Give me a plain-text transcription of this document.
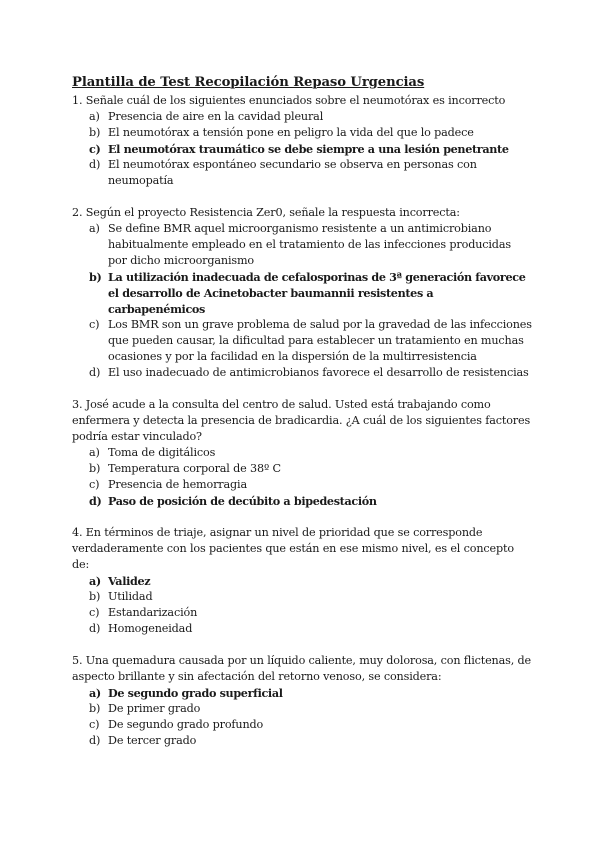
Plantilla de Test Recopilación Repaso Urgencias
1. Señale cuál de los siguientes enunciados sobre el neumotórax es incorrecto
a) Presencia de aire en la cavidad pleural
b) El neumotórax a tensión pone en peligro la vida del que lo padece
c) El neumotórax traumático se debe siempre a una lesión penetrante
d) El neumotórax espontáneo secundario se observa en personas con neumopatía
2. Según el proyecto Resistencia Zer0, señale la respuesta incorrecta:
a) Se define BMR aquel microorganismo resistente a un antimicrobiano habitualmente empleado en el tratamiento de las infecciones producidas por dicho microorganismo
b) La utilización inadecuada de cefalosporinas de 3ª generación favorece el desarrollo de Acinetobacter baumannii resistentes a carbapenémicos
c) Los BMR son un grave problema de salud por la gravedad de las infecciones que pueden causar, la dificultad para establecer un tratamiento en muchas ocasiones y por la facilidad en la dispersión de la multirresistencia
d) El uso inadecuado de antimicrobianos favorece el desarrollo de resistencias
3. José acude a la consulta del centro de salud. Usted está trabajando como enfermera y detecta la presencia de bradicardia. ¿A cuál de los siguientes factores podría estar vinculado?
a) Toma de digitálicos
b) Temperatura corporal de 38º C
c) Presencia de hemorragia
d) Paso de posición de decúbito a bipedestación
4. En términos de triaje, asignar un nivel de prioridad que se corresponde verdaderamente con los pacientes que están en ese mismo nivel, es el concepto de:
a) Validez
b) Utilidad
c) Estandarización
d) Homogeneidad
5. Una quemadura causada por un líquido caliente, muy dolorosa, con flictenas, de aspecto brillante y sin afectación del retorno venoso, se considera:
a) De segundo grado superficial
b) De primer grado
c) De segundo grado profundo
d) De tercer grado
